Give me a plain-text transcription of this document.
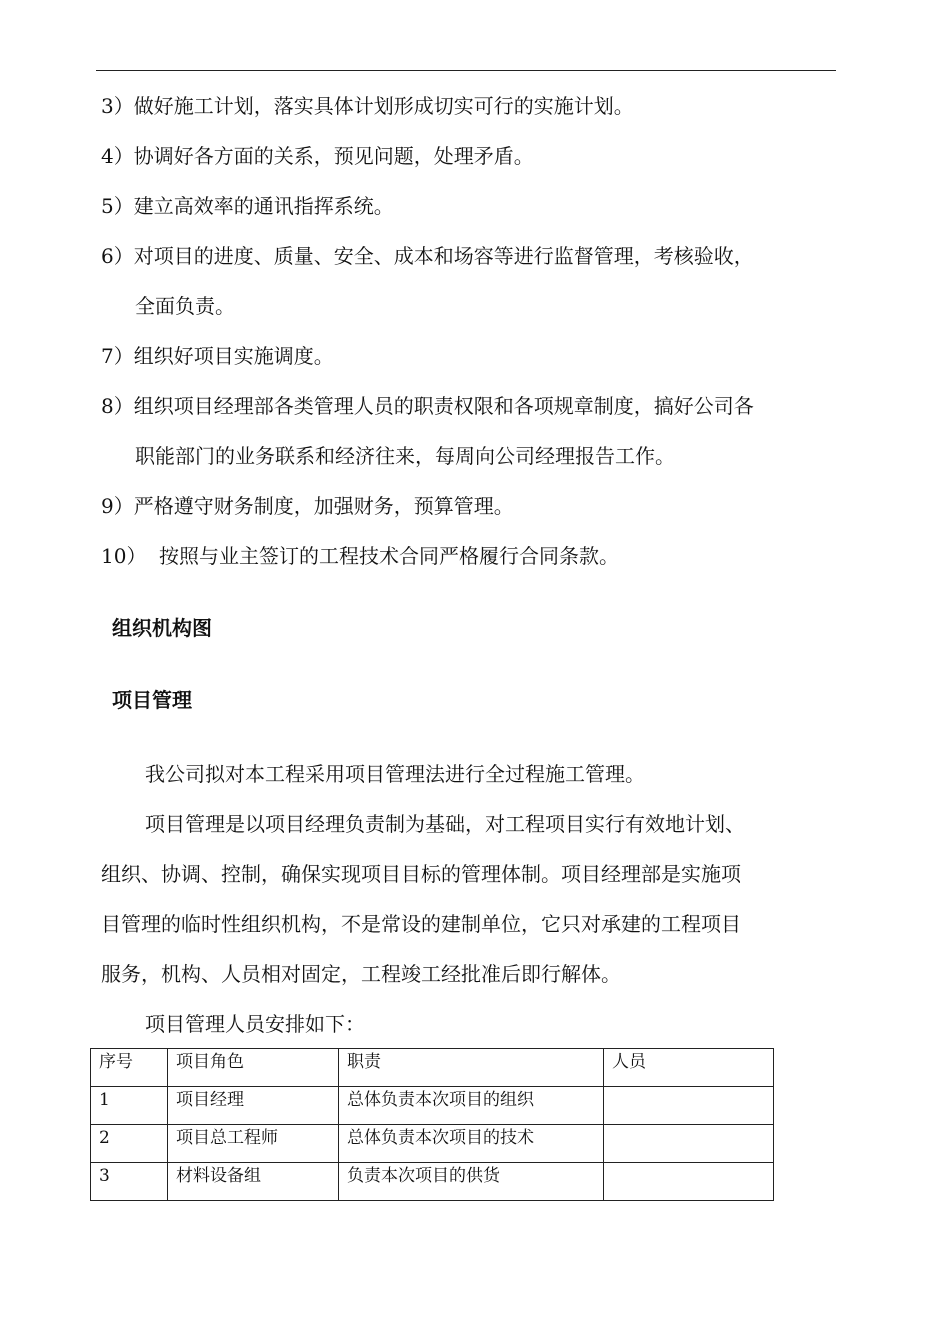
3）做好施工计划，落实具体计划形成切实可行的实施计划。
4）协调好各方面的关系，预见问题，处理矛盾。
5）建立高效率的通讯指挥系统。
6）对项目的进度、质量、安全、成本和场容等进行监督管理，考核验收，
全面负责。
7）组织好项目实施调度。
8）组织项目经理部各类管理人员的职责权限和各项规章制度，搞好公司各
职能部门的业务联系和经济往来，每周向公司经理报告工作。
9）严格遵守财务制度，加强财务，预算管理。
10） 按照与业主签订的工程技术合同严格履行合同条款。
组织机构图
项目管理
我公司拟对本工程采用项目管理法进行全过程施工管理。
项目管理是以项目经理负责制为基础，对工程项目实行有效地计划、
组织、协调、控制，确保实现项目目标的管理体制。项目经理部是实施项
目管理的临时性组织机构，不是常设的建制单位，它只对承建的工程项目
服务，机构、人员相对固定，工程竣工经批准后即行解体。
项目管理人员安排如下：
序号	项目角色	职责	人员
1	项目经理	总体负责本次项目的组织	
2	项目总工程师	总体负责本次项目的技术	
3	材料设备组	负责本次项目的供货	
